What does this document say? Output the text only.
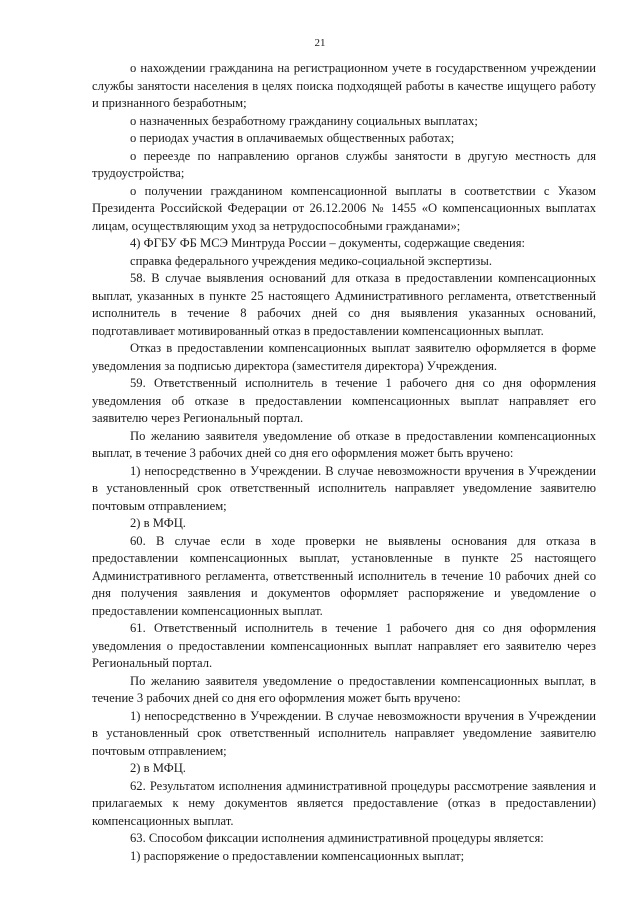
21

о нахождении гражданина на регистрационном учете в государственном учреждении службы занятости населения в целях поиска подходящей работы в качестве ищущего работу и признанного безработным;

о назначенных безработному гражданину социальных выплатах;

о периодах участия в оплачиваемых общественных работах;

о переезде по направлению органов службы занятости в другую местность для трудоустройства;

о получении гражданином компенсационной выплаты в соответствии с Указом Президента Российской Федерации от 26.12.2006 № 1455 «О компенсационных выплатах лицам, осуществляющим уход за нетрудоспособными гражданами»;

4) ФГБУ ФБ МСЭ Минтруда России – документы, содержащие сведения:

справка федерального учреждения медико-социальной экспертизы.

58. В случае выявления оснований для отказа в предоставлении компенсационных выплат, указанных в пункте 25 настоящего Административного регламента, ответственный исполнитель в течение 8 рабочих дней со дня выявления указанных оснований, подготавливает мотивированный отказ в предоставлении компенсационных выплат.

Отказ в предоставлении компенсационных выплат заявителю оформляется в форме уведомления за подписью директора (заместителя директора) Учреждения.

59. Ответственный исполнитель в течение 1 рабочего дня со дня оформления уведомления об отказе в предоставлении компенсационных выплат направляет его заявителю через Региональный портал.

По желанию заявителя уведомление об отказе в предоставлении компенсационных выплат, в течение 3 рабочих дней со дня его оформления может быть вручено:

1) непосредственно в Учреждении. В случае невозможности вручения в Учреждении в установленный срок ответственный исполнитель направляет уведомление заявителю почтовым отправлением;

2) в МФЦ.

60. В случае если в ходе проверки не выявлены основания для отказа в предоставлении компенсационных выплат, установленные в пункте 25 настоящего Административного регламента, ответственный исполнитель в течение 10 рабочих дней со дня получения заявления и документов оформляет распоряжение и уведомление о предоставлении компенсационных выплат.

61. Ответственный исполнитель в течение 1 рабочего дня со дня оформления уведомления о предоставлении компенсационных выплат направляет его заявителю через Региональный портал.

По желанию заявителя уведомление о предоставлении компенсационных выплат, в течение 3 рабочих дней со дня его оформления может быть вручено:

1) непосредственно в Учреждении. В случае невозможности вручения в Учреждении в установленный срок ответственный исполнитель направляет уведомление заявителю почтовым отправлением;

2) в МФЦ.

62. Результатом исполнения административной процедуры рассмотрение заявления и прилагаемых к нему документов является предоставление (отказ в предоставлении) компенсационных выплат.

63. Способом фиксации исполнения административной процедуры является:

1) распоряжение о предоставлении компенсационных выплат;
